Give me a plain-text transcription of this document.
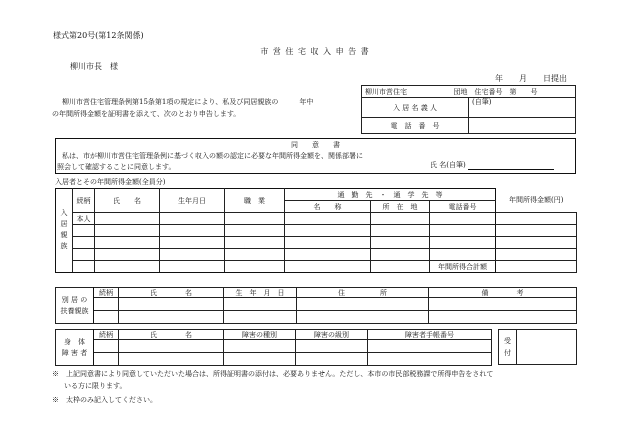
様式第20号(第12条関係)
市 営 住 宅 収 入 申 告 書
柳川市長　様
年　　月　　日提出
柳川市営住宅管理条例第15条第1項の規定により、私及び同居親族の　　　年中
の年間所得金額を証明書を添えて、次のとおり申告します。
柳川市営住宅 団地　住宅番号　第　　号	
入 居 名 義 人	(自筆)
電　話　番　号	
同　　意　　書
私は、市が柳川市営住宅管理条例に基づく収入の額の認定に必要な年間所得金額を、関係部署に
照会して確認することに同意します。	氏 名(自筆)
入居者とその年間所得金額(全員分)
入居親族	続柄	氏　　名	生年月日	職　業	通　勤　先　・　通　学　先　等			年間所得金額(円)
					名　　称	所　在　地	電話番号	
	本人							

							年間所得合計額	
別 居 の
扶養親族	続柄	氏　　　　名	生　年　月　日	住　　　　　所	備　　　　考

身　体
障 害 者	続柄	氏　　　　名	障害の種別	障害の級別	障害者手帳番号

受

付	
※　上記同意書により同意していただいた場合は、所得証明書の添付は、必要ありません。ただし、本市の市民部税務課で所得申告をされて
いる方に限ります。
※　太枠のみ記入してください。
